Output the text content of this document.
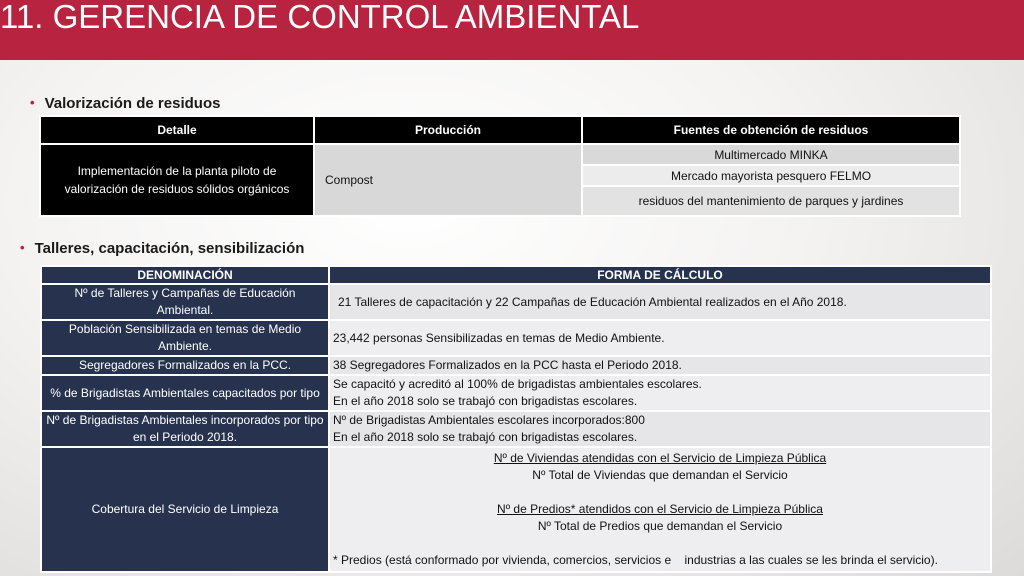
11. GERENCIA DE CONTROL AMBIENTAL
• Valorización de residuos
Detalle	Producción	Fuentes de obtención de residuos
Implementación de la planta piloto de valorización de residuos sólidos orgánicos	Compost	Multimercado MINKA
		Mercado mayorista pesquero FELMO
		residuos del mantenimiento de parques y jardines
• Talleres, capacitación, sensibilización
DENOMINACIÓN	FORMA DE CÁLCULO
Nº de Talleres y Campañas de Educación Ambiental.	21 Talleres de capacitación y 22 Campañas de Educación Ambiental realizados en el Año 2018.
Población Sensibilizada en temas de Medio Ambiente.	23,442 personas Sensibilizadas en temas de Medio Ambiente.
Segregadores Formalizados en la PCC.	38 Segregadores Formalizados en la PCC hasta el Periodo 2018.
% de Brigadistas Ambientales capacitados por tipo	Se capacitó y acreditó al 100% de brigadistas ambientales escolares.
En el año 2018 solo se trabajó con brigadistas escolares.

Nº de Brigadistas Ambientales incorporados por tipo en el Periodo 2018.	Nº de Brigadistas Ambientales escolares incorporados:800
En el año 2018 solo se trabajó con brigadistas escolares.

Cobertura del Servicio de Limpieza	Nº de Viviendas atendidas con el Servicio de Limpieza Pública
Nº Total de Viviendas que demandan el Servicio
Nº de Predios* atendidos con el Servicio de Limpieza Pública
Nº Total de Predios que demandan el Servicio
* Predios (está conformado por vivienda, comercios, servicios e    industrias a las cuales se les brinda el servicio).
